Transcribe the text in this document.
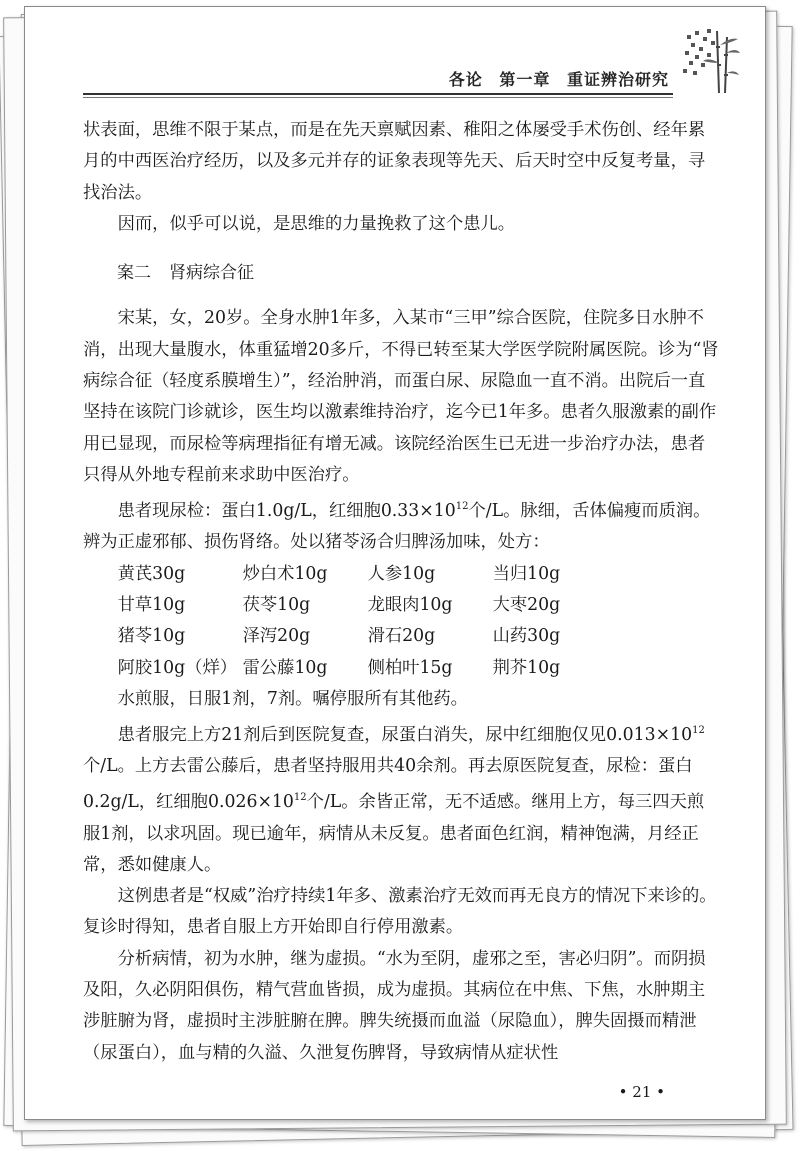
各论 第一章 重证辨治研究

状表面，思维不限于某点，而是在先天禀赋因素、稚阳之体屡受手术伤创、经年累月的中西医治疗经历，以及多元并存的证象表现等先天、后天时空中反复考量，寻找治法。

因而，似乎可以说，是思维的力量挽救了这个患儿。

案二 肾病综合征

宋某，女，20岁。全身水肿1年多，入某市“三甲”综合医院，住院多日水肿不消，出现大量腹水，体重猛增20多斤，不得已转至某大学医学院附属医院。诊为“肾病综合征（轻度系膜增生）”，经治肿消，而蛋白尿、尿隐血一直不消。出院后一直坚持在该院门诊就诊，医生均以激素维持治疗，迄今已1年多。患者久服激素的副作用已显现，而尿检等病理指征有增无减。该院经治医生已无进一步治疗办法，患者只得从外地专程前来求助中医治疗。

患者现尿检：蛋白1.0g/L，红细胞$0.33\times 10^{12}$个/L。脉细，舌体偏瘦而质润。辨为正虚邪郁、损伤肾络。处以猪苓汤合归脾汤加味，处方：

黄芪30g	炒白术10g	人参10g	当归10g
甘草10g	茯苓10g	龙眼肉10g	大枣20g
猪苓10g	泽泻20g	滑石20g	山药30g
阿胶10g（烊） 雷公藤10g	侧柏叶15g	荆芥10g

水煎服，日服1剂，7剂。嘱停服所有其他药。

患者服完上方21剂后到医院复查，尿蛋白消失，尿中红细胞仅见$0.013\times 10^{12}$个/L。上方去雷公藤后，患者坚持服用共40余剂。再去原医院复查，尿检：蛋白0.2g/L，红细胞$0.026\times 10^{12}$个/L。余皆正常，无不适感。继用上方，每三四天煎服1剂，以求巩固。现已逾年，病情从未反复。患者面色红润，精神饱满，月经正常，悉如健康人。

这例患者是“权威”治疗持续1年多、激素治疗无效而再无良方的情况下来诊的。复诊时得知，患者自服上方开始即自行停用激素。

分析病情，初为水肿，继为虚损。“水为至阴，虚邪之至，害必归阴”。而阴损及阳，久必阴阳俱伤，精气营血皆损，成为虚损。其病位在中焦、下焦，水肿期主涉脏腑为肾，虚损时主涉脏腑在脾。脾失统摄而血溢（尿隐血），脾失固摄而精泄（尿蛋白），血与精的久溢、久泄复伤脾肾，导致病情从症状性

• 21 •
